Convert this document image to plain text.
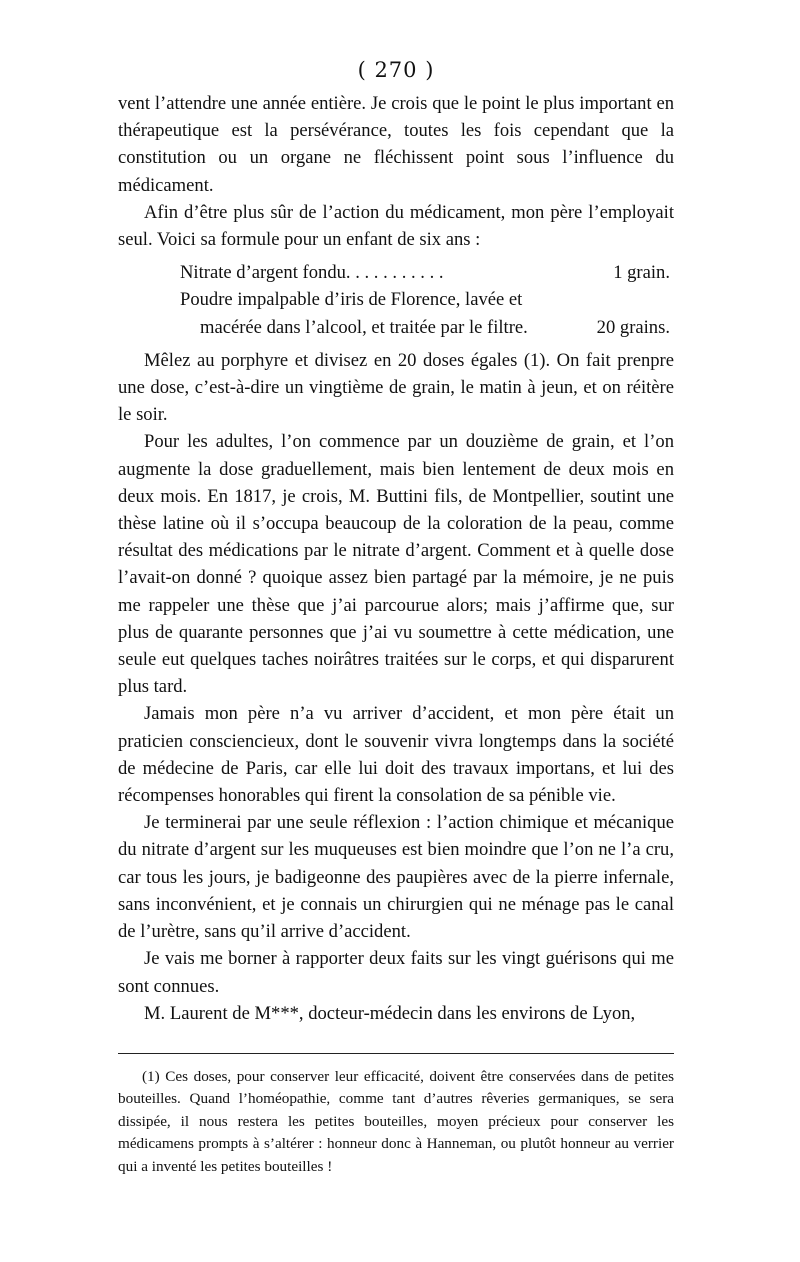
( 270 )

vent l’attendre une année entière. Je crois que le point le plus important en thérapeutique est la persévérance, toutes les fois cependant que la constitution ou un organe ne fléchissent point sous l’influence du médicament.

Afin d’être plus sûr de l’action du médicament, mon père l’employait seul. Voici sa formule pour un enfant de six ans :

Nitrate d’argent fondu. . . . . . . . . . .	1 grain.
Poudre impalpable d’iris de Florence, lavée et
macérée dans l’alcool, et traitée par le filtre.	20 grains.

Mêlez au porphyre et divisez en 20 doses égales (1). On fait prenpre une dose, c’est-à-dire un vingtième de grain, le matin à jeun, et on réitère le soir.

Pour les adultes, l’on commence par un douzième de grain, et l’on augmente la dose graduellement, mais bien lentement de deux mois en deux mois. En 1817, je crois, M. Buttini fils, de Montpellier, soutint une thèse latine où il s’occupa beaucoup de la coloration de la peau, comme résultat des médications par le nitrate d’argent. Comment et à quelle dose l’avait-on donné ? quoique assez bien partagé par la mémoire, je ne puis me rappeler une thèse que j’ai parcourue alors; mais j’affirme que, sur plus de quarante personnes que j’ai vu soumettre à cette médication, une seule eut quelques taches noirâtres traitées sur le corps, et qui disparurent plus tard.

Jamais mon père n’a vu arriver d’accident, et mon père était un praticien consciencieux, dont le souvenir vivra longtemps dans la société de médecine de Paris, car elle lui doit des travaux importans, et lui des récompenses honorables qui firent la consolation de sa pénible vie.

Je terminerai par une seule réflexion : l’action chimique et mécanique du nitrate d’argent sur les muqueuses est bien moindre que l’on ne l’a cru, car tous les jours, je badigeonne des paupières avec de la pierre infernale, sans inconvénient, et je connais un chirurgien qui ne ménage pas le canal de l’urètre, sans qu’il arrive d’accident.

Je vais me borner à rapporter deux faits sur les vingt guérisons qui me sont connues.

M. Laurent de M***, docteur-médecin dans les environs de Lyon,

(1) Ces doses, pour conserver leur efficacité, doivent être conservées dans de petites bouteilles. Quand l’homéopathie, comme tant d’autres rêveries germaniques, se sera dissipée, il nous restera les petites bouteilles, moyen précieux pour conserver les médicamens prompts à s’altérer : honneur donc à Hanneman, ou plutôt honneur au verrier qui a inventé les petites bouteilles !
